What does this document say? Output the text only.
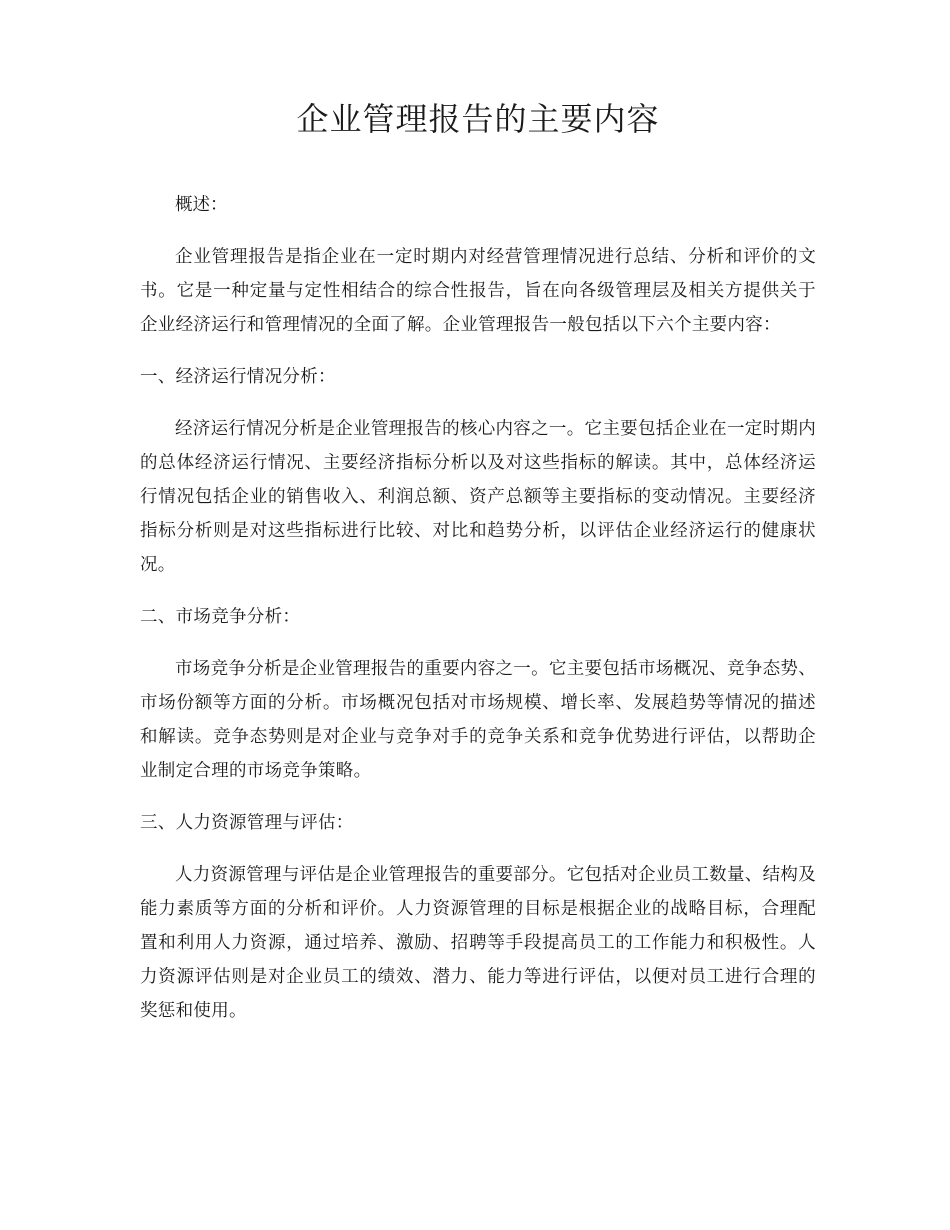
企业管理报告的主要内容

概述：

企业管理报告是指企业在一定时期内对经营管理情况进行总结、分析和评价的文书。它是一种定量与定性相结合的综合性报告，旨在向各级管理层及相关方提供关于企业经济运行和管理情况的全面了解。企业管理报告一般包括以下六个主要内容：

一、经济运行情况分析：

经济运行情况分析是企业管理报告的核心内容之一。它主要包括企业在一定时期内的总体经济运行情况、主要经济指标分析以及对这些指标的解读。其中，总体经济运行情况包括企业的销售收入、利润总额、资产总额等主要指标的变动情况。主要经济指标分析则是对这些指标进行比较、对比和趋势分析，以评估企业经济运行的健康状况。

二、市场竞争分析：

市场竞争分析是企业管理报告的重要内容之一。它主要包括市场概况、竞争态势、市场份额等方面的分析。市场概况包括对市场规模、增长率、发展趋势等情况的描述和解读。竞争态势则是对企业与竞争对手的竞争关系和竞争优势进行评估，以帮助企业制定合理的市场竞争策略。

三、人力资源管理与评估：

人力资源管理与评估是企业管理报告的重要部分。它包括对企业员工数量、结构及能力素质等方面的分析和评价。人力资源管理的目标是根据企业的战略目标，合理配置和利用人力资源，通过培养、激励、招聘等手段提高员工的工作能力和积极性。人力资源评估则是对企业员工的绩效、潜力、能力等进行评估，以便对员工进行合理的奖惩和使用。
